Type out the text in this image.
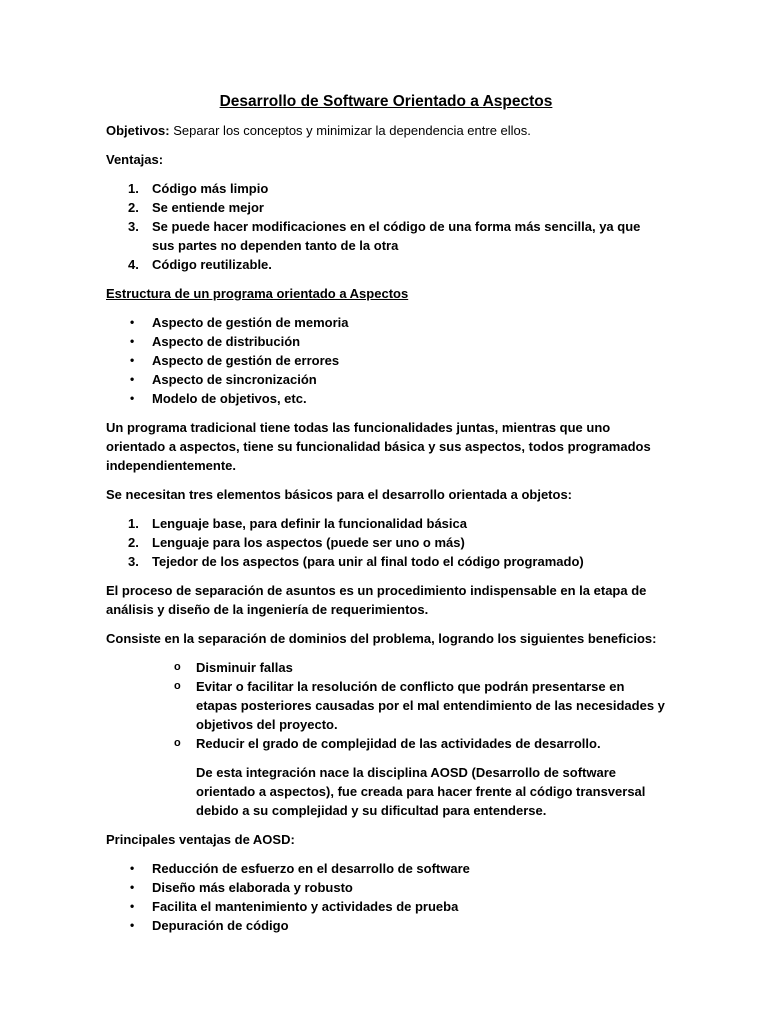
Desarrollo de Software Orientado a Aspectos

Objetivos: Separar los conceptos y minimizar la dependencia entre ellos.

Ventajas:

1.	Código más limpio
2.	Se entiende mejor
3.	Se puede hacer modificaciones en el código de una forma más sencilla, ya que sus partes no dependen tanto de la otra
4.	Código reutilizable.

Estructura de un programa orientado a Aspectos

•	Aspecto de gestión de memoria
•	Aspecto de distribución
•	Aspecto de gestión de errores
•	Aspecto de sincronización
•	Modelo de objetivos, etc.

Un programa tradicional tiene todas las funcionalidades juntas, mientras que uno orientado a aspectos, tiene su funcionalidad básica y sus aspectos, todos programados independientemente.

Se necesitan tres elementos básicos para el desarrollo orientada a objetos:

1.	Lenguaje base, para definir la funcionalidad básica
2.	Lenguaje para los aspectos (puede ser uno o más)
3.	Tejedor de los aspectos (para unir al final todo el código programado)

El proceso de separación de asuntos es un procedimiento indispensable en la etapa de análisis y diseño de la ingeniería de requerimientos.

Consiste en la separación de dominios del problema, logrando los siguientes beneficios:

o	Disminuir fallas
o	Evitar o facilitar la resolución de conflicto que podrán presentarse en etapas posteriores causadas por el mal entendimiento de las necesidades y objetivos del proyecto.
o	Reducir el grado de complejidad de las actividades de desarrollo.

De esta integración nace la disciplina AOSD (Desarrollo de software orientado a aspectos), fue creada para hacer frente al código transversal debido a su complejidad y su dificultad para entenderse.

Principales ventajas de AOSD:

•	Reducción de esfuerzo en el desarrollo de software
•	Diseño más elaborada y robusto
•	Facilita el mantenimiento y actividades de prueba
•	Depuración de código
